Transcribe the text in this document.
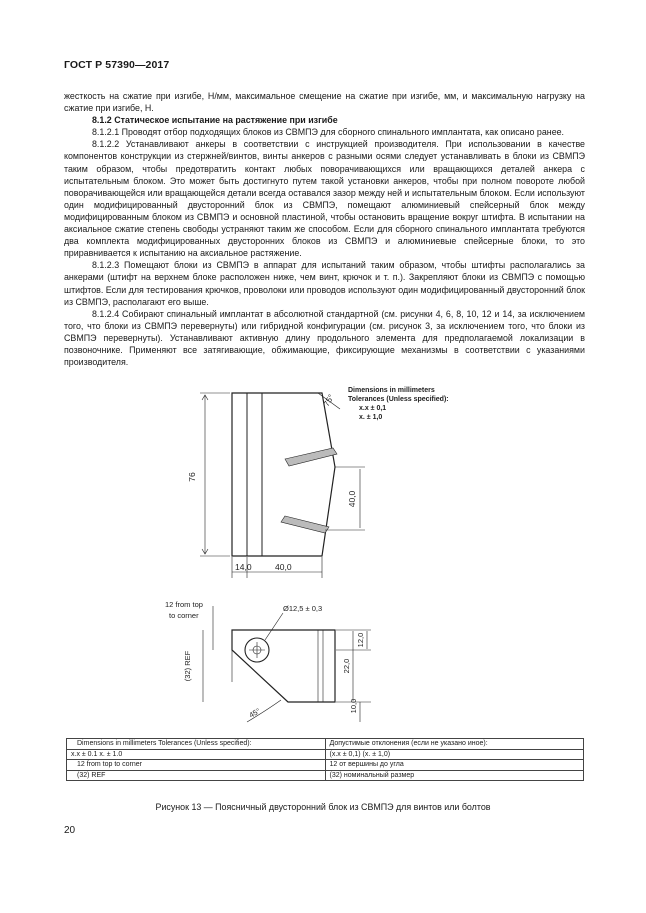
ГОСТ Р 57390—2017

жесткость на сжатие при изгибе, Н/мм, максимальное смещение на сжатие при изгибе, мм, и максимальную нагрузку на сжатие при изгибе, Н.

8.1.2 Статическое испытание на растяжение при изгибе

8.1.2.1 Проводят отбор подходящих блоков из СВМПЭ для сборного спинального имплантата, как описано ранее.

8.1.2.2 Устанавливают анкеры в соответствии с инструкцией производителя. При использовании в качестве компонентов конструкции из стержней/винтов, винты анкеров с разными осями следует устанавливать в блоки из СВМПЭ таким образом, чтобы предотвратить контакт любых поворачивающихся или вращающихся деталей анкера с испытательным блоком. Это может быть достигнуто путем такой установки анкеров, чтобы при полном повороте любой поворачивающейся или вращающейся детали всегда оставался зазор между ней и испытательным блоком. Если используют один модифицированный двусторонний блок из СВМПЭ, помещают алюминиевый спейсерный блок между модифицированным блоком из СВМПЭ и основной пластиной, чтобы остановить вращение вокруг штифта. В испытании на аксиальное сжатие степень свободы устраняют таким же способом. Если для сборного спинального имплантата требуются два комплекта модифицированных двусторонних блоков из СВМПЭ и алюминиевые спейсерные блоки, то это приравнивается к испытанию на аксиальное растяжение.

8.1.2.3 Помещают блоки из СВМПЭ в аппарат для испытаний таким образом, чтобы штифты располагались за анкерами (штифт на верхнем блоке расположен ниже, чем винт, крючок и т. п.). Закрепляют блоки из СВМПЭ с помощью штифтов. Если для тестирования крючков, проволоки или проводов используют один модифицированный двусторонний блок из СВМПЭ, располагают его выше.

8.1.2.4 Собирают спинальный имплантат в абсолютной стандартной (см. рисунки 4, 6, 8, 10, 12 и 14, за исключением того, что блоки из СВМПЭ перевернуты) или гибридной конфигурации (см. рисунок 3, за исключением того, что блоки из СВМПЭ перевернуты). Устанавливают активную длину продольного элемента для предполагаемой локализации в позвоночнике. Применяют все затягивающие, обжимающие, фиксирующие механизмы в соответствии с указаниями производителя.

76
40,0
75°
14,0	40,0
Dimensions in millimeters
Tolerances (Unless specified):
x.x ± 0,1
x. ± 1,0
12 from top
to corner
Ø12,5 ± 0,3
(32) REF
12,0
22,0
10,0
45°
Dimensions in millimeters Tolerances (Unless specified):	Допустимые отклонения (если не указано иное):
x.x ± 0.1 x. ± 1.0	(x.x ± 0,1) (x. ± 1,0)
12 from top to corner	12 от вершины до угла
(32) REF	(32) номинальный размер
Рисунок 13 — Поясничный двусторонний блок из СВМПЭ для винтов или болтов
20
